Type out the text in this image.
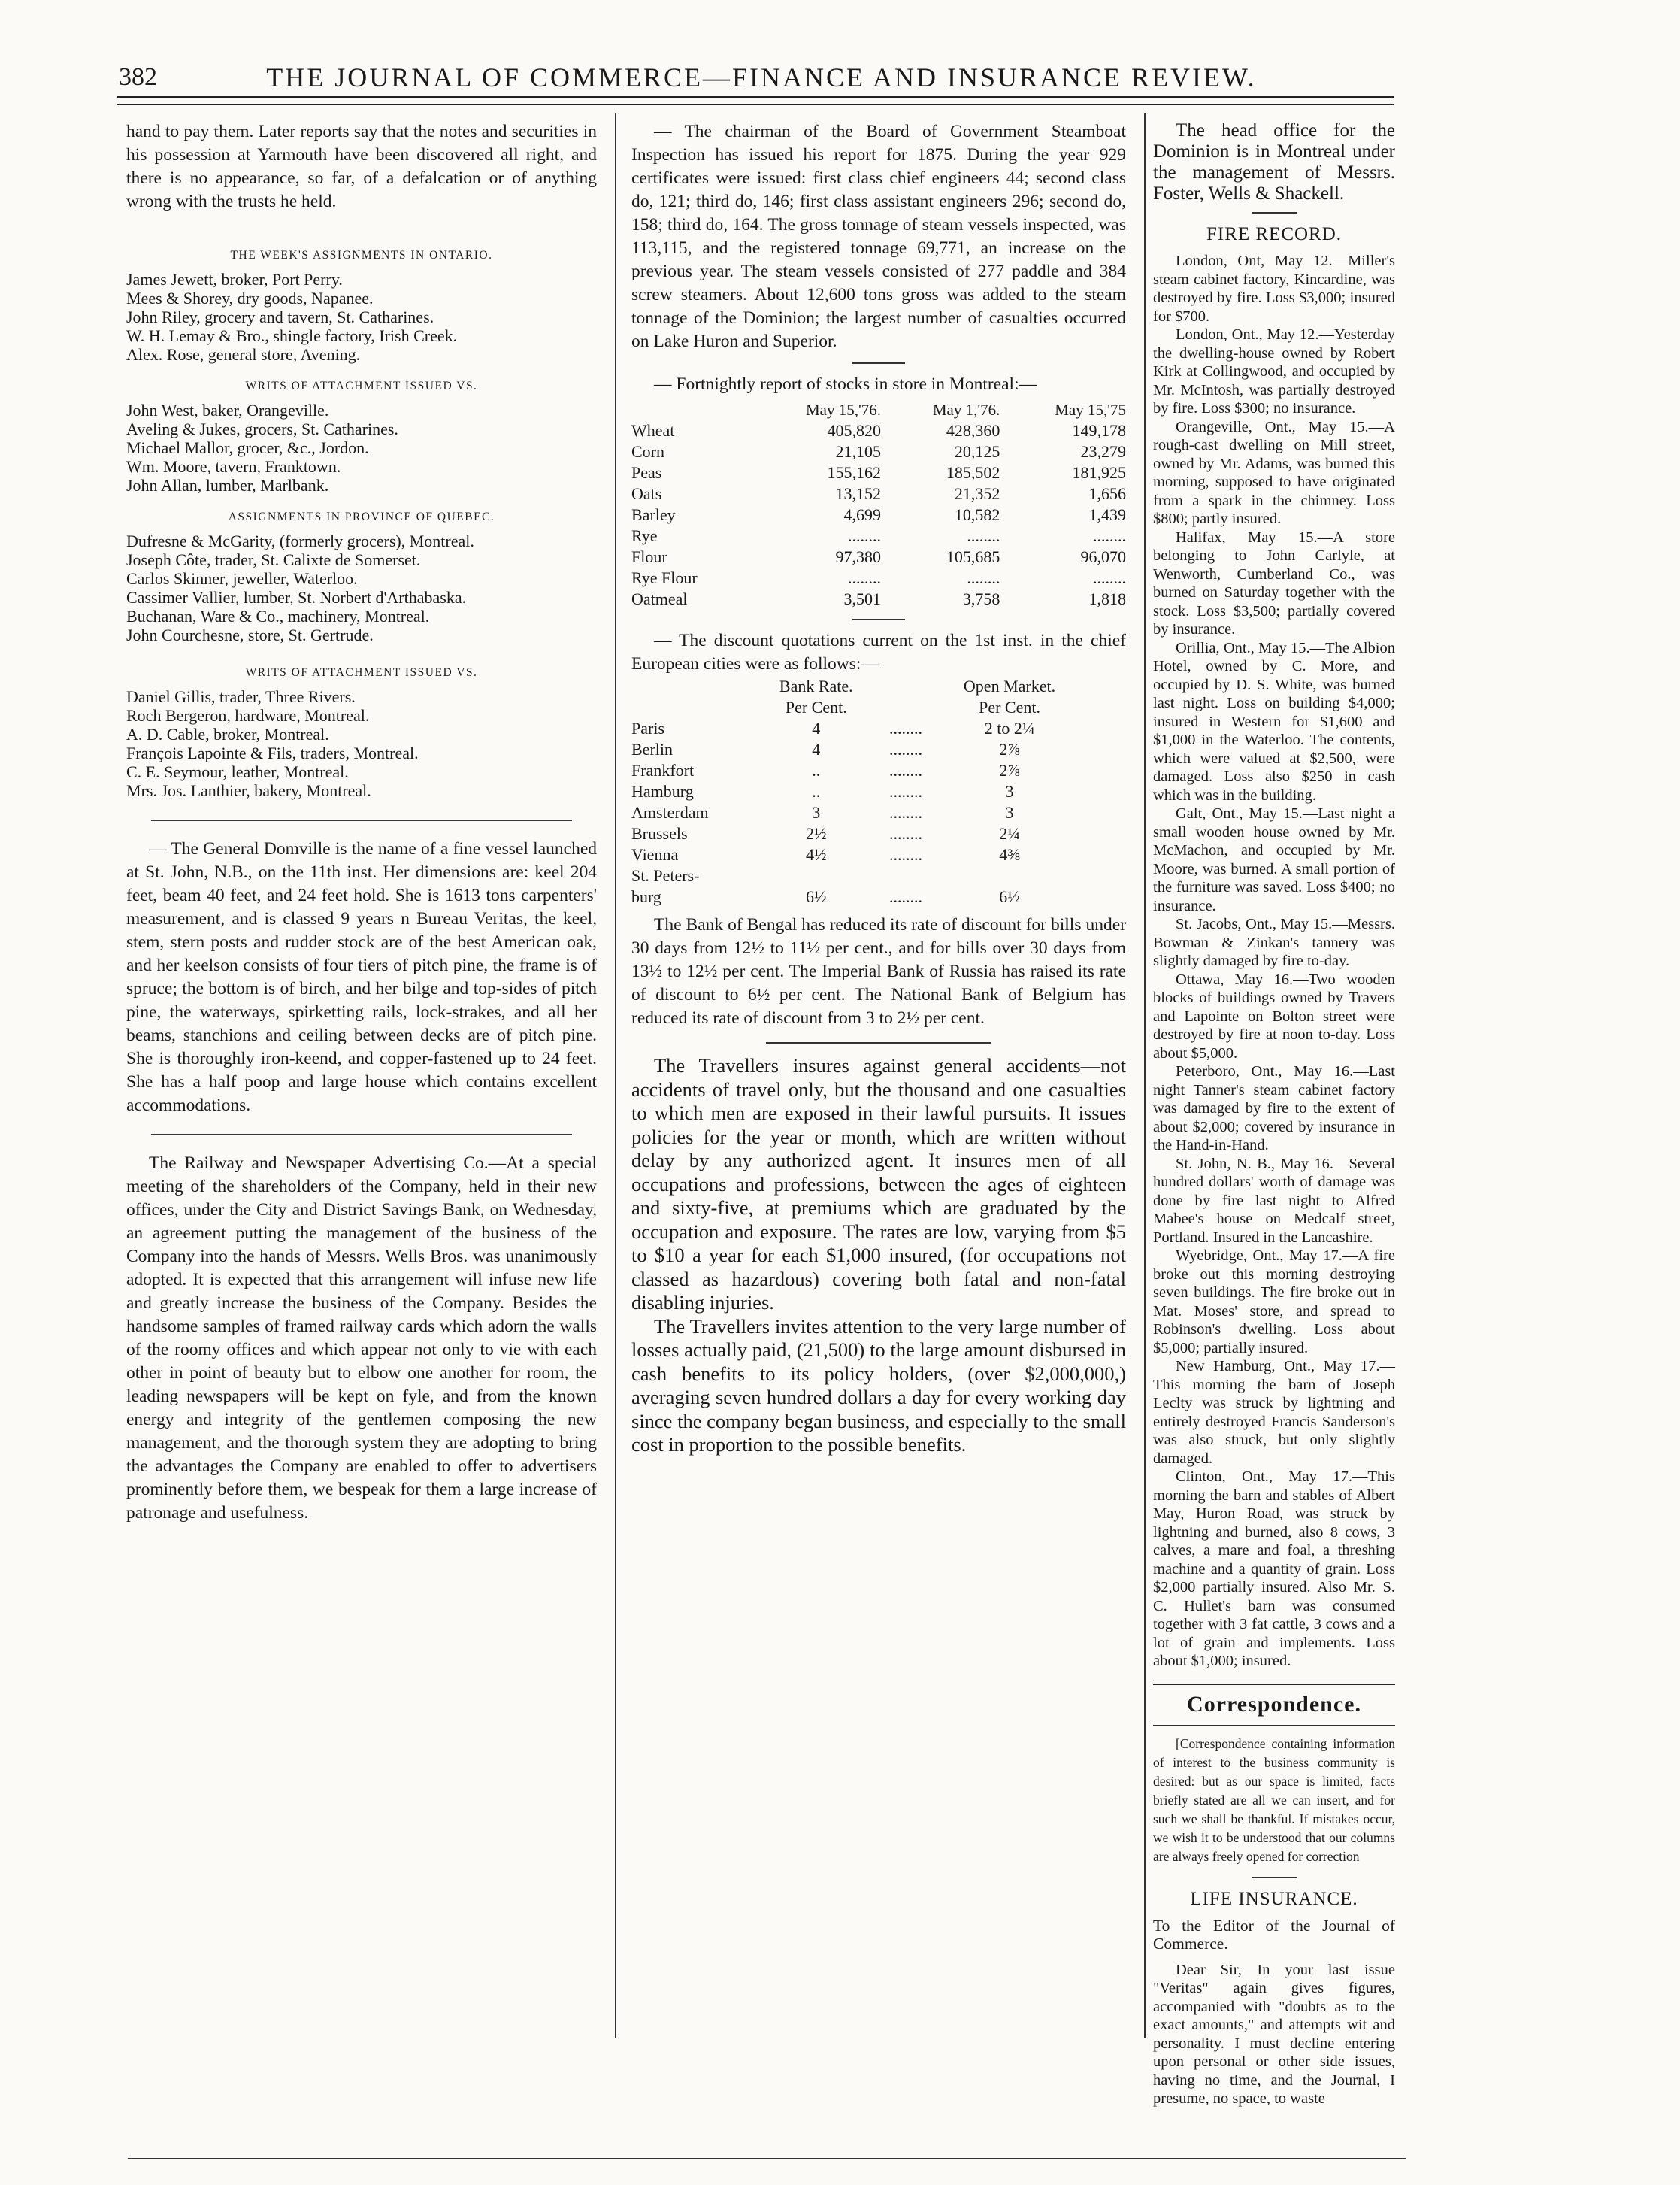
382	THE JOURNAL OF COMMERCE—FINANCE AND INSURANCE REVIEW.

hand to pay them. Later reports say that the notes and securities in his possession at Yarmouth have been discovered all right, and there is no appearance, so far, of a defalcation or of anything wrong with the trusts he held.

THE WEEK'S ASSIGNMENTS IN ONTARIO.

James Jewett, broker, Port Perry.

Mees & Shorey, dry goods, Napanee.

John Riley, grocery and tavern, St. Catharines.

W. H. Lemay & Bro., shingle factory, Irish Creek.

Alex. Rose, general store, Avening.

WRITS OF ATTACHMENT ISSUED VS.

John West, baker, Orangeville.

Aveling & Jukes, grocers, St. Catharines.

Michael Mallor, grocer, &c., Jordon.

Wm. Moore, tavern, Franktown.

John Allan, lumber, Marlbank.

ASSIGNMENTS IN PROVINCE OF QUEBEC.

Dufresne & McGarity, (formerly grocers), Montreal.

Joseph Côte, trader, St. Calixte de Somerset.

Carlos Skinner, jeweller, Waterloo.

Cassimer Vallier, lumber, St. Norbert d'Arthabaska.

Buchanan, Ware & Co., machinery, Montreal.

John Courchesne, store, St. Gertrude.

WRITS OF ATTACHMENT ISSUED VS.

Daniel Gillis, trader, Three Rivers.

Roch Bergeron, hardware, Montreal.

A. D. Cable, broker, Montreal.

François Lapointe & Fils, traders, Montreal.

C. E. Seymour, leather, Montreal.

Mrs. Jos. Lanthier, bakery, Montreal.

— The General Domville is the name of a fine vessel launched at St. John, N.B., on the 11th inst. Her dimensions are: keel 204 feet, beam 40 feet, and 24 feet hold. She is 1613 tons carpenters' measurement, and is classed 9 years n Bureau Veritas, the keel, stem, stern posts and rudder stock are of the best American oak, and her keelson consists of four tiers of pitch pine, the frame is of spruce; the bottom is of birch, and her bilge and top-sides of pitch pine, the waterways, spirketting rails, lock-strakes, and all her beams, stanchions and ceiling between decks are of pitch pine. She is thoroughly iron-keend, and copper-fastened up to 24 feet. She has a half poop and large house which contains excellent accommodations.

The Railway and Newspaper Advertising Co.—At a special meeting of the shareholders of the Company, held in their new offices, under the City and District Savings Bank, on Wednesday, an agreement putting the management of the business of the Company into the hands of Messrs. Wells Bros. was unanimously adopted. It is expected that this arrangement will infuse new life and greatly increase the business of the Company. Besides the handsome samples of framed railway cards which adorn the walls of the roomy offices and which appear not only to vie with each other in point of beauty but to elbow one another for room, the leading newspapers will be kept on fyle, and from the known energy and integrity of the gentlemen composing the new management, and the thorough system they are adopting to bring the advantages the Company are enabled to offer to advertisers prominently before them, we bespeak for them a large increase of patronage and usefulness.

— The chairman of the Board of Government Steamboat Inspection has issued his report for 1875. During the year 929 certificates were issued: first class chief engineers 44; second class do, 121; third do, 146; first class assistant engineers 296; second do, 158; third do, 164. The gross tonnage of steam vessels inspected, was 113,115, and the registered tonnage 69,771, an increase on the previous year. The steam vessels consisted of 277 paddle and 384 screw steamers. About 12,600 tons gross was added to the steam tonnage of the Dominion; the largest number of casualties occurred on Lake Huron and Superior.

— Fortnightly report of stocks in store in Montreal:—

	May 15,'76.	May 1,'76.	May 15,'75
Wheat	405,820	428,360	149,178
Corn	21,105	20,125	23,279
Peas	155,162	185,502	181,925
Oats	13,152	21,352	1,656
Barley	4,699	10,582	1,439
Rye	........	........	........
Flour	97,380	105,685	96,070
Rye Flour	........	........	........
Oatmeal	3,501	3,758	1,818

— The discount quotations current on the 1st inst. in the chief European cities were as follows:—

	Bank Rate.		Open Market.
	Per Cent.		Per Cent.
Paris	4	........	2 to 2¼
Berlin	4	........	2⅞
Frankfort	..	........	2⅞
Hamburg	..	........	3
Amsterdam	3	........	3
Brussels	2½	........	2¼
Vienna	4½	........	4⅜
St. Peters-			
burg	6½	........	6½

The Bank of Bengal has reduced its rate of discount for bills under 30 days from 12½ to 11½ per cent., and for bills over 30 days from 13½ to 12½ per cent. The Imperial Bank of Russia has raised its rate of discount to 6½ per cent. The National Bank of Belgium has reduced its rate of discount from 3 to 2½ per cent.

The Travellers insures against general accidents—not accidents of travel only, but the thousand and one casualties to which men are exposed in their lawful pursuits. It issues policies for the year or month, which are written without delay by any authorized agent. It insures men of all occupations and professions, between the ages of eighteen and sixty-five, at premiums which are graduated by the occupation and exposure. The rates are low, varying from $5 to $10 a year for each $1,000 insured, (for occupations not classed as hazardous) covering both fatal and non-fatal disabling injuries.

The Travellers invites attention to the very large number of losses actually paid, (21,500) to the large amount disbursed in cash benefits to its policy holders, (over $2,000,000,) averaging seven hundred dollars a day for every working day since the company began business, and especially to the small cost in proportion to the possible benefits.

The head office for the Dominion is in Montreal under the management of Messrs. Foster, Wells & Shackell.

FIRE RECORD.

London, Ont, May 12.—Miller's steam cabinet factory, Kincardine, was destroyed by fire. Loss $3,000; insured for $700.

London, Ont., May 12.—Yesterday the dwelling-house owned by Robert Kirk at Collingwood, and occupied by Mr. McIntosh, was partially destroyed by fire. Loss $300; no insurance.

Orangeville, Ont., May 15.—A rough-cast dwelling on Mill street, owned by Mr. Adams, was burned this morning, supposed to have originated from a spark in the chimney. Loss $800; partly insured.

Halifax, May 15.—A store belonging to John Carlyle, at Wenworth, Cumberland Co., was burned on Saturday together with the stock. Loss $3,500; partially covered by insurance.

Orillia, Ont., May 15.—The Albion Hotel, owned by C. More, and occupied by D. S. White, was burned last night. Loss on building $4,000; insured in Western for $1,600 and $1,000 in the Waterloo. The contents, which were valued at $2,500, were damaged. Loss also $250 in cash which was in the building.

Galt, Ont., May 15.—Last night a small wooden house owned by Mr. McMachon, and occupied by Mr. Moore, was burned. A small portion of the furniture was saved. Loss $400; no insurance.

St. Jacobs, Ont., May 15.—Messrs. Bowman & Zinkan's tannery was slightly damaged by fire to-day.

Ottawa, May 16.—Two wooden blocks of buildings owned by Travers and Lapointe on Bolton street were destroyed by fire at noon to-day. Loss about $5,000.

Peterboro, Ont., May 16.—Last night Tanner's steam cabinet factory was damaged by fire to the extent of about $2,000; covered by insurance in the Hand-in-Hand.

St. John, N. B., May 16.—Several hundred dollars' worth of damage was done by fire last night to Alfred Mabee's house on Medcalf street, Portland. Insured in the Lancashire.

Wyebridge, Ont., May 17.—A fire broke out this morning destroying seven buildings. The fire broke out in Mat. Moses' store, and spread to Robinson's dwelling. Loss about $5,000; partially insured.

New Hamburg, Ont., May 17.—This morning the barn of Joseph Leclty was struck by lightning and entirely destroyed Francis Sanderson's was also struck, but only slightly damaged.

Clinton, Ont., May 17.—This morning the barn and stables of Albert May, Huron Road, was struck by lightning and burned, also 8 cows, 3 calves, a mare and foal, a threshing machine and a quantity of grain. Loss $2,000 partially insured. Also Mr. S. C. Hullet's barn was consumed together with 3 fat cattle, 3 cows and a lot of grain and implements. Loss about $1,000; insured.

Correspondence.

[Correspondence containing information of interest to the business community is desired: but as our space is limited, facts briefly stated are all we can insert, and for such we shall be thankful. If mistakes occur, we wish it to be understood that our columns are always freely opened for correction

LIFE INSURANCE.

To the Editor of the Journal of Commerce.

Dear Sir,—In your last issue "Veritas" again gives figures, accompanied with "doubts as to the exact amounts," and attempts wit and personality. I must decline entering upon personal or other side issues, having no time, and the Journal, I presume, no space, to waste
